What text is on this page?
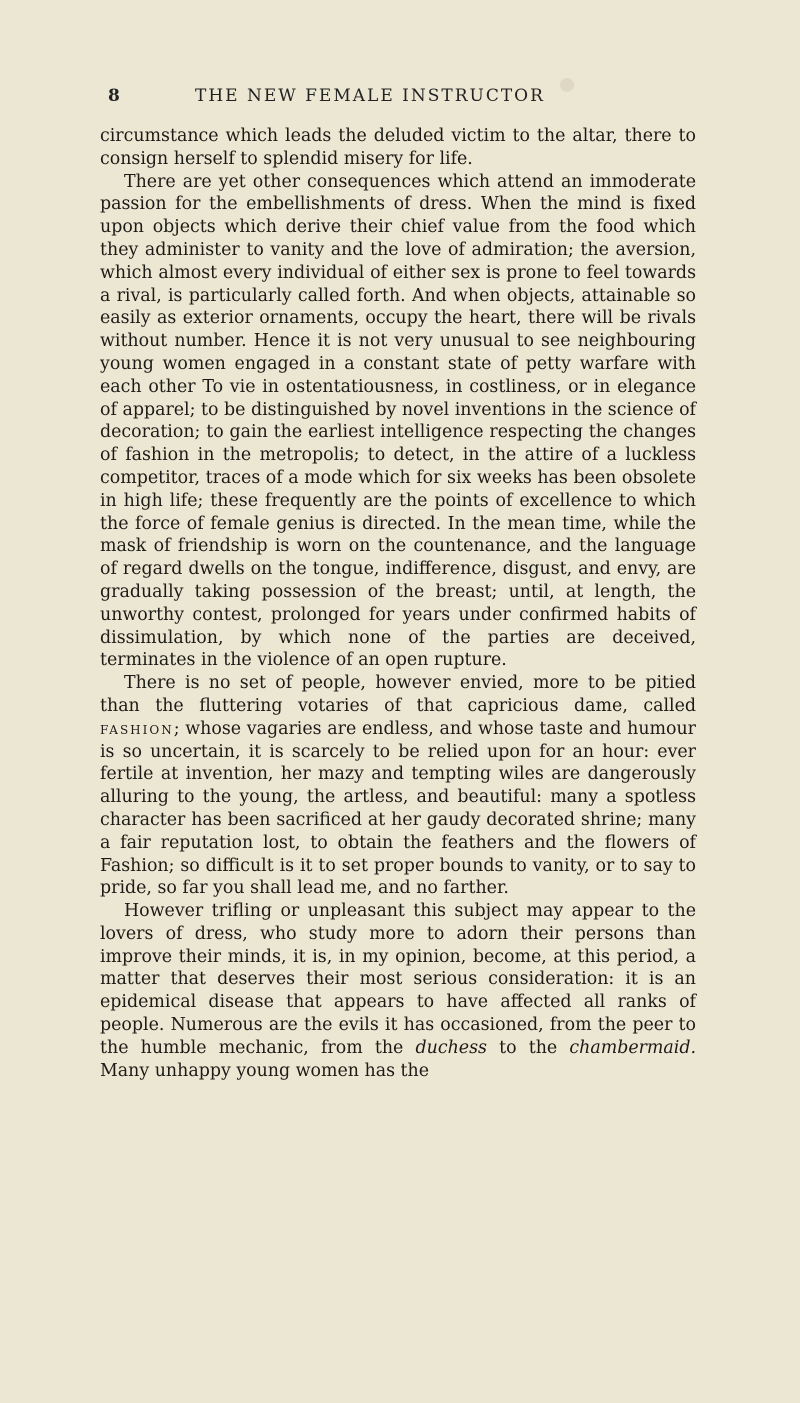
8	THE NEW FEMALE INSTRUCTOR

circumstance which leads the deluded victim to the altar, there to consign herself to splendid misery for life.

There are yet other consequences which attend an immoderate passion for the embellishments of dress. When the mind is fixed upon objects which derive their chief value from the food which they administer to vanity and the love of admiration; the aversion, which almost every individual of either sex is prone to feel towards a rival, is particularly called forth. And when objects, attainable so easily as exterior ornaments, occupy the heart, there will be rivals without number. Hence it is not very unusual to see neighbouring young women engaged in a constant state of petty warfare with each other To vie in ostentatiousness, in costliness, or in elegance of apparel; to be distinguished by novel inventions in the science of decoration; to gain the earliest intelligence respecting the changes of fashion in the metropolis; to detect, in the attire of a luckless competitor, traces of a mode which for six weeks has been obsolete in high life; these frequently are the points of excellence to which the force of female genius is directed. In the mean time, while the mask of friendship is worn on the countenance, and the language of regard dwells on the tongue, indifference, disgust, and envy, are gradually taking possession of the breast; until, at length, the unworthy contest, prolonged for years under confirmed habits of dissimulation, by which none of the parties are deceived, terminates in the violence of an open rupture.

There is no set of people, however envied, more to be pitied than the fluttering votaries of that capricious dame, called fashion; whose vagaries are endless, and whose taste and humour is so uncertain, it is scarcely to be relied upon for an hour: ever fertile at invention, her mazy and tempting wiles are dangerously alluring to the young, the artless, and beautiful: many a spotless character has been sacrificed at her gaudy decorated shrine; many a fair reputation lost, to obtain the feathers and the flowers of Fashion; so difficult is it to set proper bounds to vanity, or to say to pride, so far you shall lead me, and no farther.

However trifling or unpleasant this subject may appear to the lovers of dress, who study more to adorn their persons than improve their minds, it is, in my opinion, become, at this period, a matter that deserves their most serious consideration: it is an epidemical disease that appears to have affected all ranks of people. Numerous are the evils it has occasioned, from the peer to the humble mechanic, from the duchess to the chambermaid. Many unhappy young women has the
